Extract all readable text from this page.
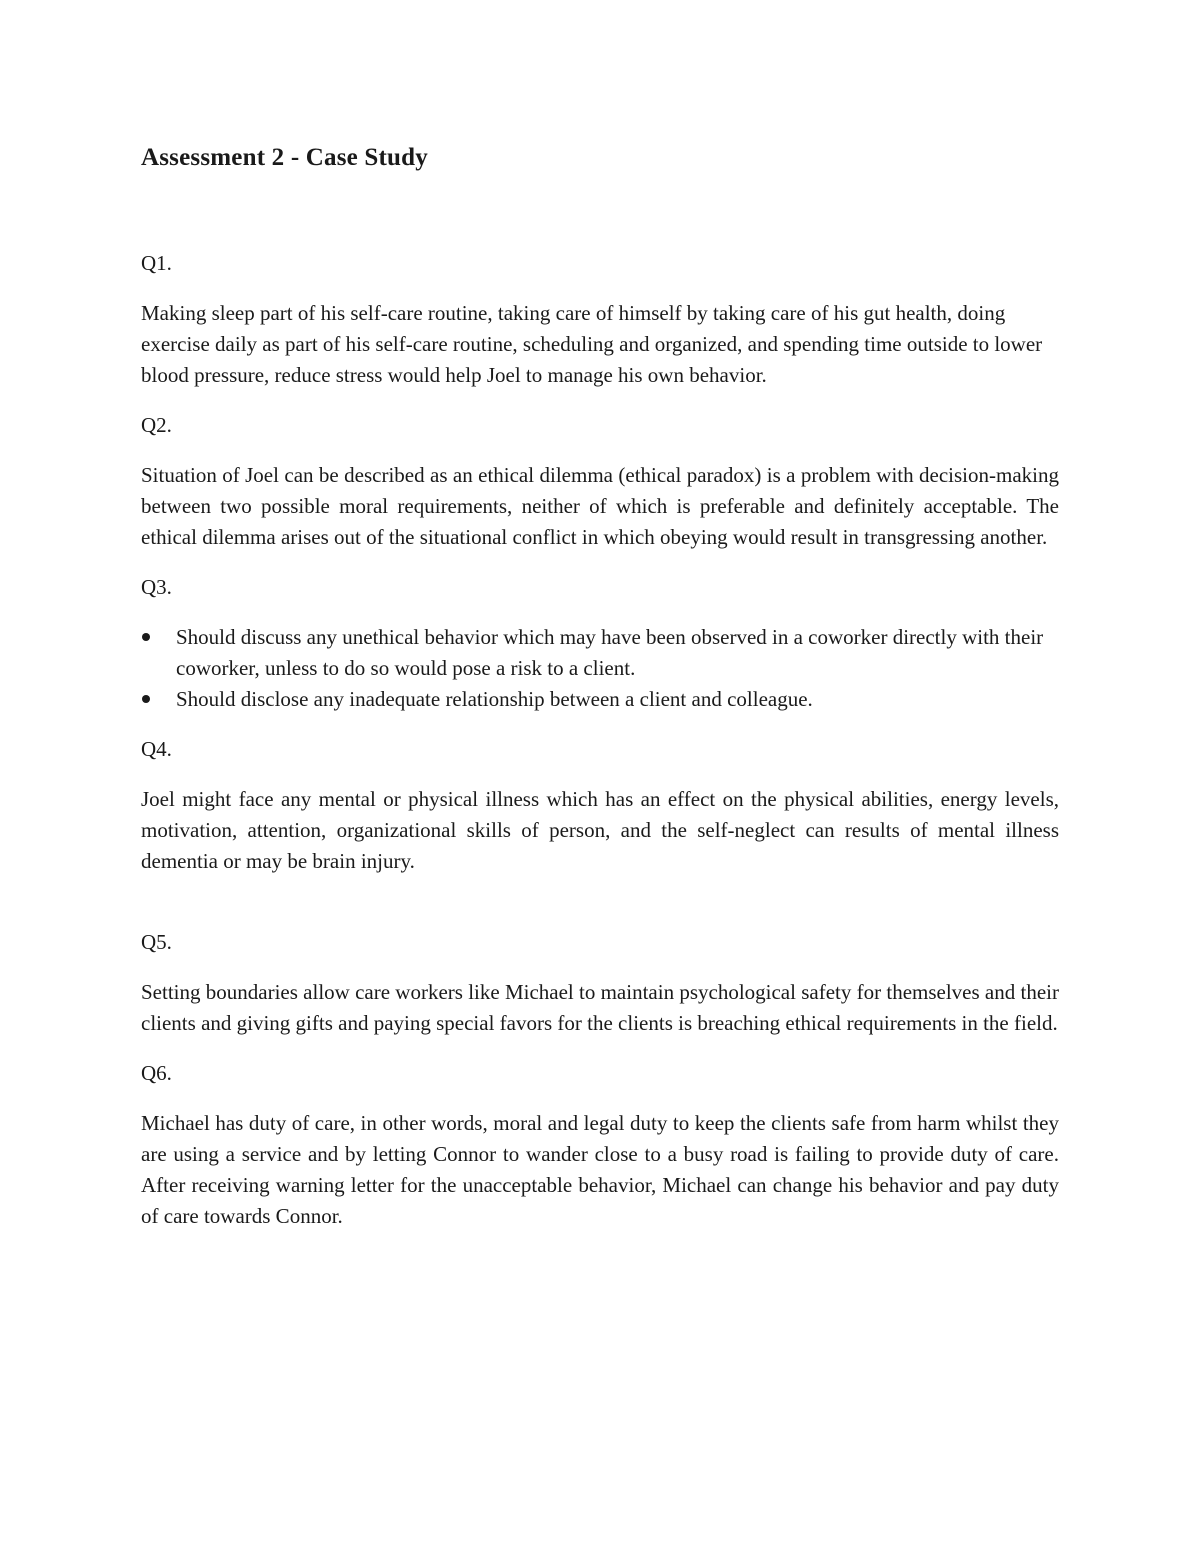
Assessment 2 - Case Study

Q1.

Making sleep part of his self-care routine, taking care of himself by taking care of his gut health, doing exercise daily as part of his self-care routine, scheduling and organized, and spending time outside to lower blood pressure, reduce stress would help Joel to manage his own behavior.

Q2.

Situation of Joel can be described as an ethical dilemma (ethical paradox) is a problem with decision-making between two possible moral requirements, neither of which is preferable and definitely acceptable. The ethical dilemma arises out of the situational conflict in which obeying would result in transgressing another.

Q3.

Should discuss any unethical behavior which may have been observed in a coworker directly with their coworker, unless to do so would pose a risk to a client.
Should disclose any inadequate relationship between a client and colleague.

Q4.

Joel might face any mental or physical illness which has an effect on the physical abilities, energy levels, motivation, attention, organizational skills of person, and the self-neglect can results of mental illness dementia or may be brain injury.

Q5.

Setting boundaries allow care workers like Michael to maintain psychological safety for themselves and their clients and giving gifts and paying special favors for the clients is breaching ethical requirements in the field.

Q6.

Michael has duty of care, in other words, moral and legal duty to keep the clients safe from harm whilst they are using a service and by letting Connor to wander close to a busy road is failing to provide duty of care. After receiving warning letter for the unacceptable behavior, Michael can change his behavior and pay duty of care towards Connor.
